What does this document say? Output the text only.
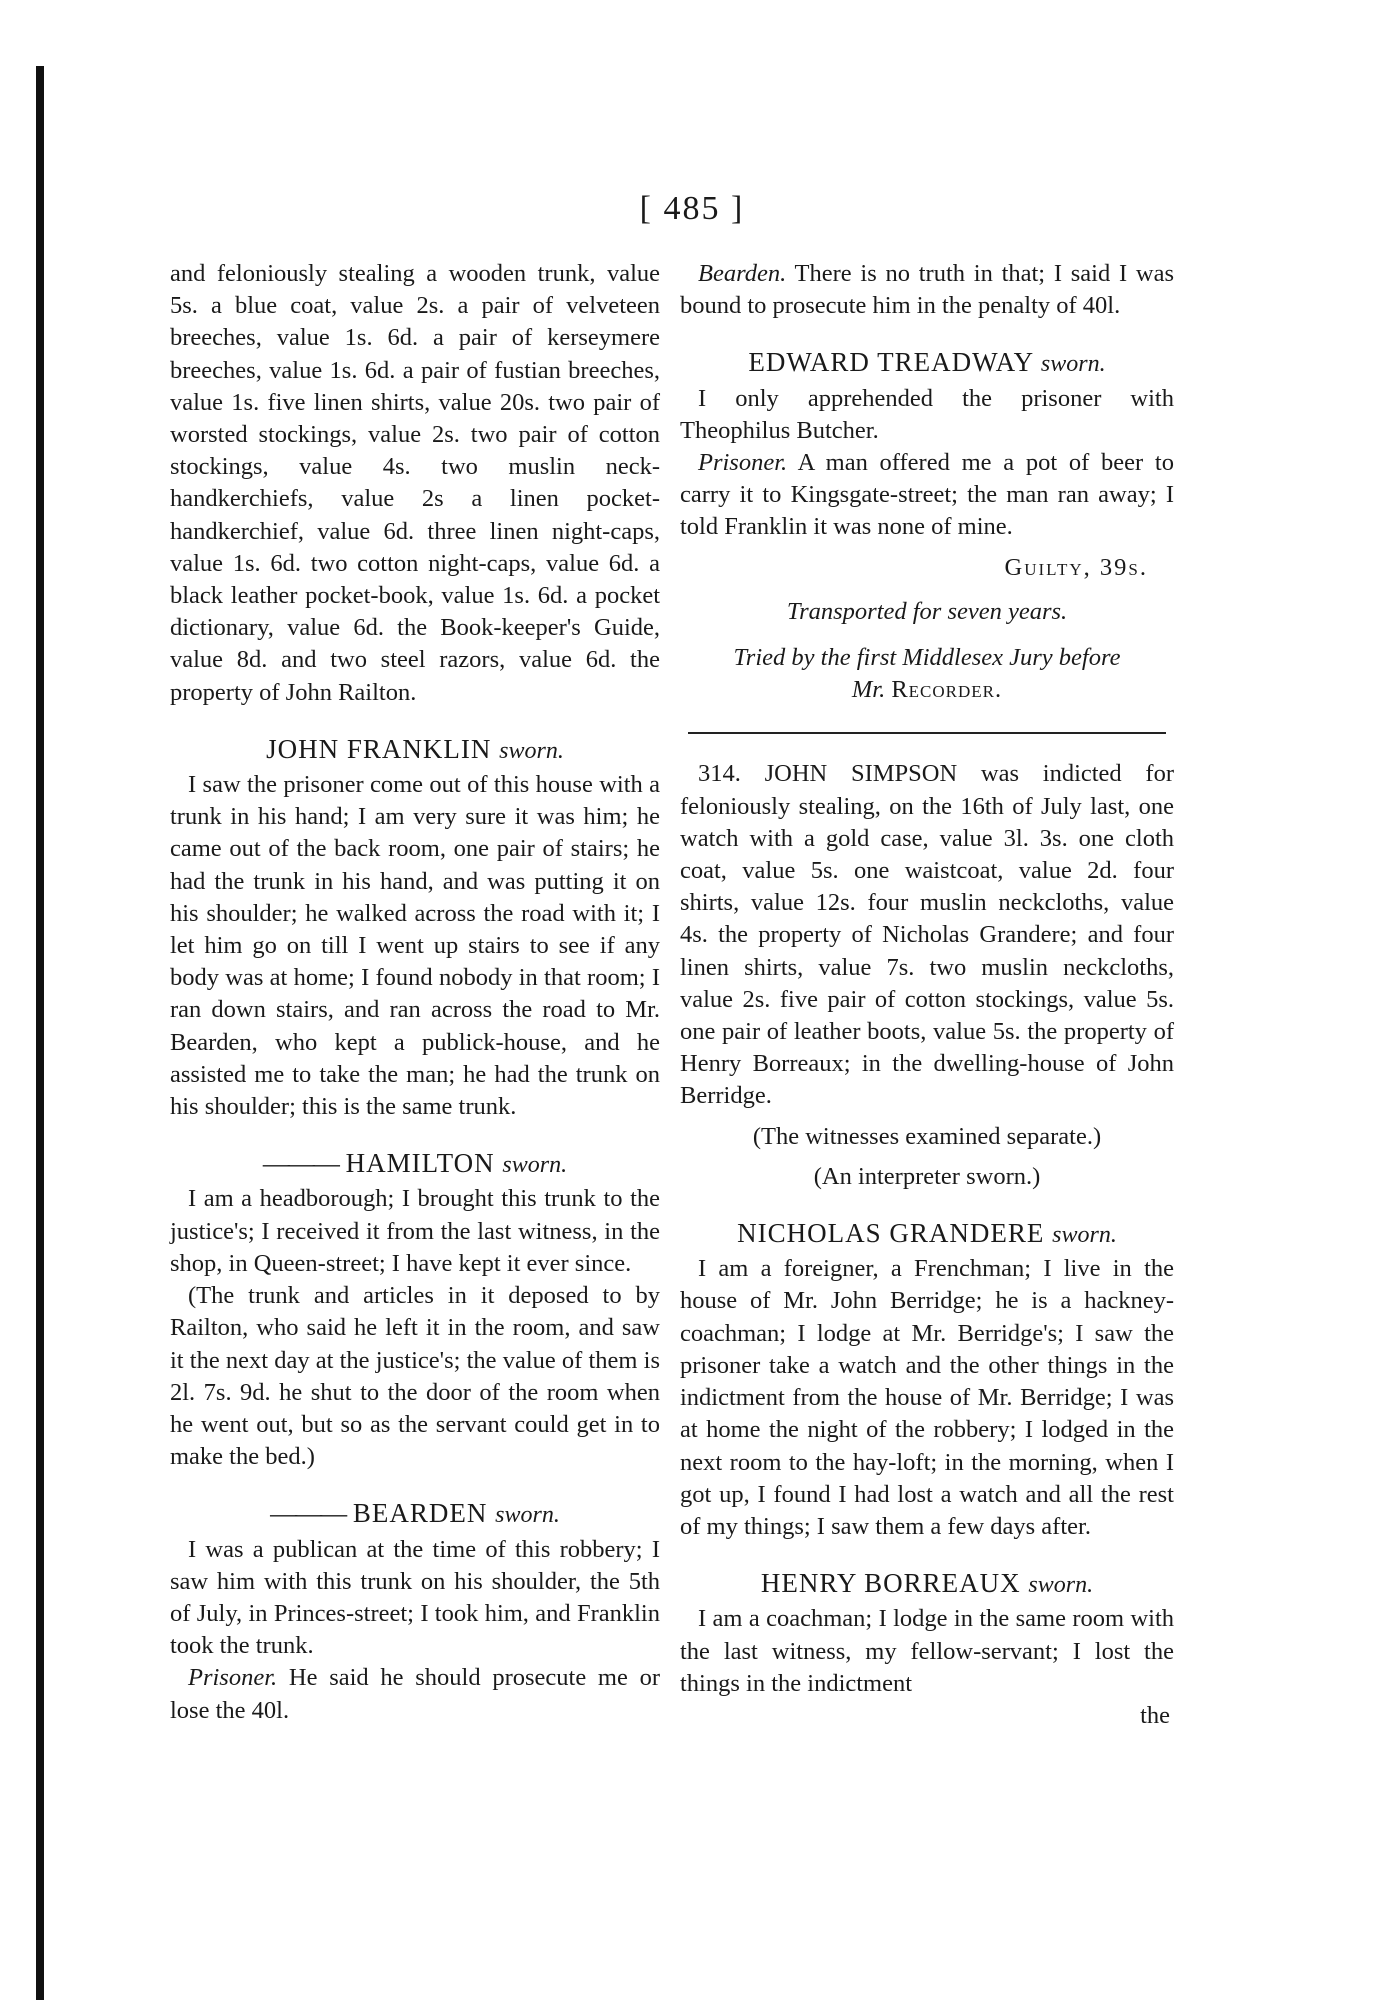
[ 485 ]

and feloniously stealing a wooden trunk, value 5s. a blue coat, value 2s. a pair of velveteen breeches, value 1s. 6d. a pair of kerseymere breeches, value 1s. 6d. a pair of fustian breeches, value 1s. five linen shirts, value 20s. two pair of worsted stockings, value 2s. two pair of cotton stockings, value 4s. two muslin neck-handkerchiefs, value 2s a linen pocket-handkerchief, value 6d. three linen night-caps, value 1s. 6d. two cotton night-caps, value 6d. a black leather pocket-book, value 1s. 6d. a pocket dictionary, value 6d. the Book-keeper's Guide, value 8d. and two steel razors, value 6d. the property of John Railton.

JOHN FRANKLIN sworn.

I saw the prisoner come out of this house with a trunk in his hand; I am very sure it was him; he came out of the back room, one pair of stairs; he had the trunk in his hand, and was putting it on his shoulder; he walked across the road with it; I let him go on till I went up stairs to see if any body was at home; I found nobody in that room; I ran down stairs, and ran across the road to Mr. Bearden, who kept a publick-house, and he assisted me to take the man; he had the trunk on his shoulder; this is the same trunk.

——— HAMILTON sworn.

I am a headborough; I brought this trunk to the justice's; I received it from the last witness, in the shop, in Queen-street; I have kept it ever since.

(The trunk and articles in it deposed to by Railton, who said he left it in the room, and saw it the next day at the justice's; the value of them is 2l. 7s. 9d. he shut to the door of the room when he went out, but so as the servant could get in to make the bed.)

——— BEARDEN sworn.

I was a publican at the time of this robbery; I saw him with this trunk on his shoulder, the 5th of July, in Princes-street; I took him, and Franklin took the trunk.

Prisoner. He said he should prosecute me or lose the 40l.

Bearden. There is no truth in that; I said I was bound to prosecute him in the penalty of 40l.

EDWARD TREADWAY sworn.

I only apprehended the prisoner with Theophilus Butcher.

Prisoner. A man offered me a pot of beer to carry it to Kingsgate-street; the man ran away; I told Franklin it was none of mine.

Guilty, 39s.

Transported for seven years.

Tried by the first Middlesex Jury before
Mr. Recorder.

314. JOHN SIMPSON was indicted for feloniously stealing, on the 16th of July last, one watch with a gold case, value 3l. 3s. one cloth coat, value 5s. one waistcoat, value 2d. four shirts, value 12s. four muslin neckcloths, value 4s. the property of Nicholas Grandere; and four linen shirts, value 7s. two muslin neckcloths, value 2s. five pair of cotton stockings, value 5s. one pair of leather boots, value 5s. the property of Henry Borreaux; in the dwelling-house of John Berridge.

(The witnesses examined separate.)

(An interpreter sworn.)

NICHOLAS GRANDERE sworn.

I am a foreigner, a Frenchman; I live in the house of Mr. John Berridge; he is a hackney-coachman; I lodge at Mr. Berridge's; I saw the prisoner take a watch and the other things in the indictment from the house of Mr. Berridge; I was at home the night of the robbery; I lodged in the next room to the hay-loft; in the morning, when I got up, I found I had lost a watch and all the rest of my things; I saw them a few days after.

HENRY BORREAUX sworn.

I am a coachman; I lodge in the same room with the last witness, my fellow-servant; I lost the things in the indictment

the
